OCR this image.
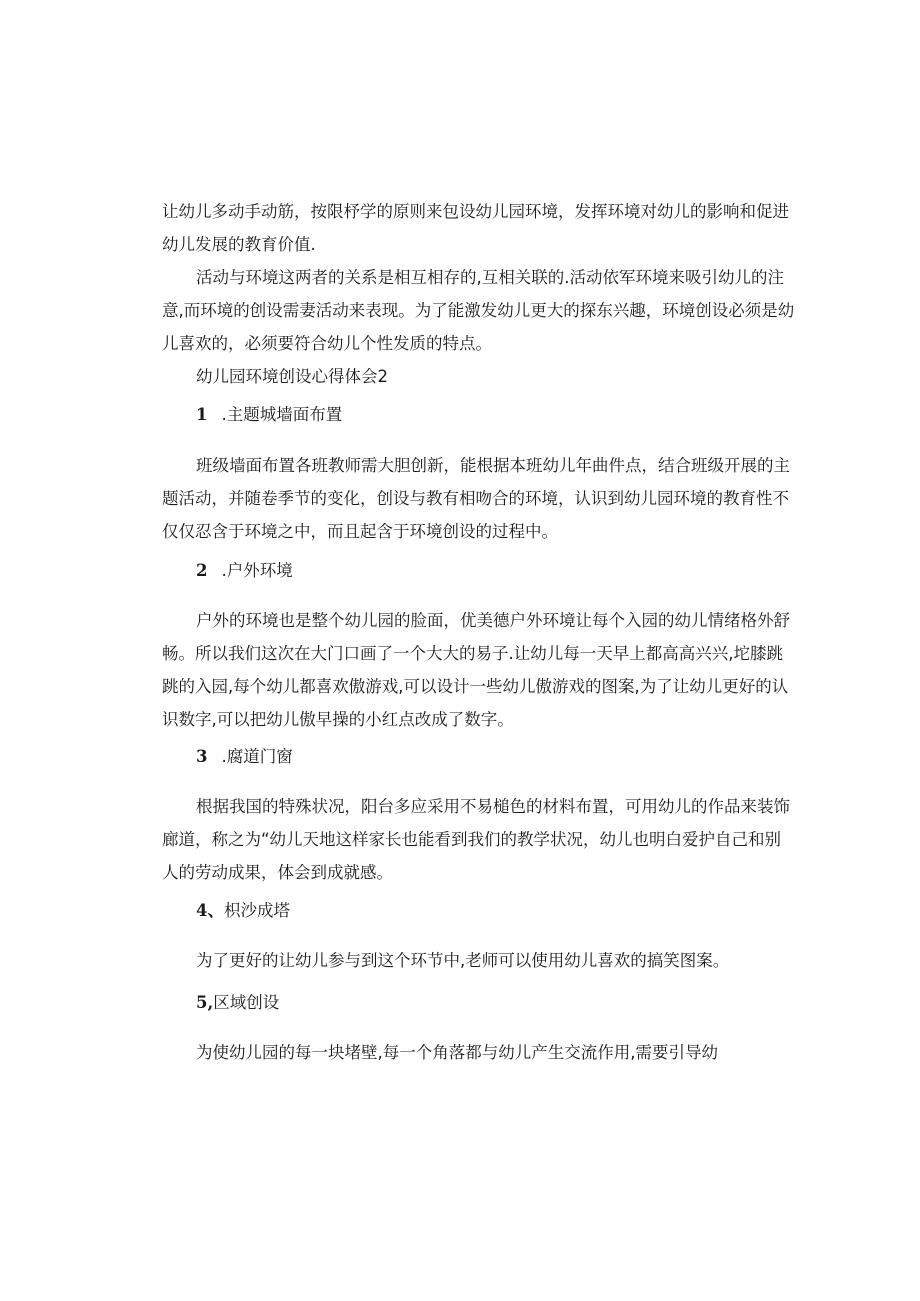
让幼儿多动手动筋，按限杼学的原则来包设幼儿园环境，发挥环境对幼儿的影响和促进
幼儿发展的教育价值.
活动与环境这两者的关系是相互相存的,互相关联的.活动依军环境来吸引幼儿的注
意,而环境的创设需妻活动来表现。为了能激发幼儿更大的探东兴趣，环境创设必须是幼
儿喜欢的，必须要符合幼儿个性发质的特点。
幼儿园环境创设心得体会2
1 .主题城墙面布置
班级墙面布置各班教师需大胆创新，能根据本班幼儿年曲件点，结合班级开展的主
题活动，并随卷季节的变化，创设与教有相吻合的环境，认识到幼儿园环境的教育性不
仅仅忍含于环境之中，而且起含于环境创设的过程中。
2 .户外环境
户外的环境也是整个幼儿园的脸面，优美德户外环境让每个入园的幼儿情绪格外舒
畅。所以我们这次在大门口画了一个大大的易子.让幼儿每一天早上都高高兴兴,坨膝跳
跳的入园,每个幼儿都喜欢傲游戏,可以设计一些幼儿傲游戏的图案,为了让幼儿更好的认
识数字,可以把幼儿傲早操的小红点改成了数字。
3 .腐道门窗
根据我国的特殊状况，阳台多应采用不易槌色的材料布置，可用幼儿的作品来装饰
廊道，称之为“幼儿天地这样家长也能看到我们的教学状况，幼儿也明白爱护自己和别
人的劳动成果，体会到成就感。
4、枳沙成塔
为了更好的让幼儿参与到这个环节中,老师可以使用幼儿喜欢的搞笑图案。
5,区域创设
为使幼儿园的每一块堵壁,每一个角落都与幼儿产生交流作用,需要引导幼
